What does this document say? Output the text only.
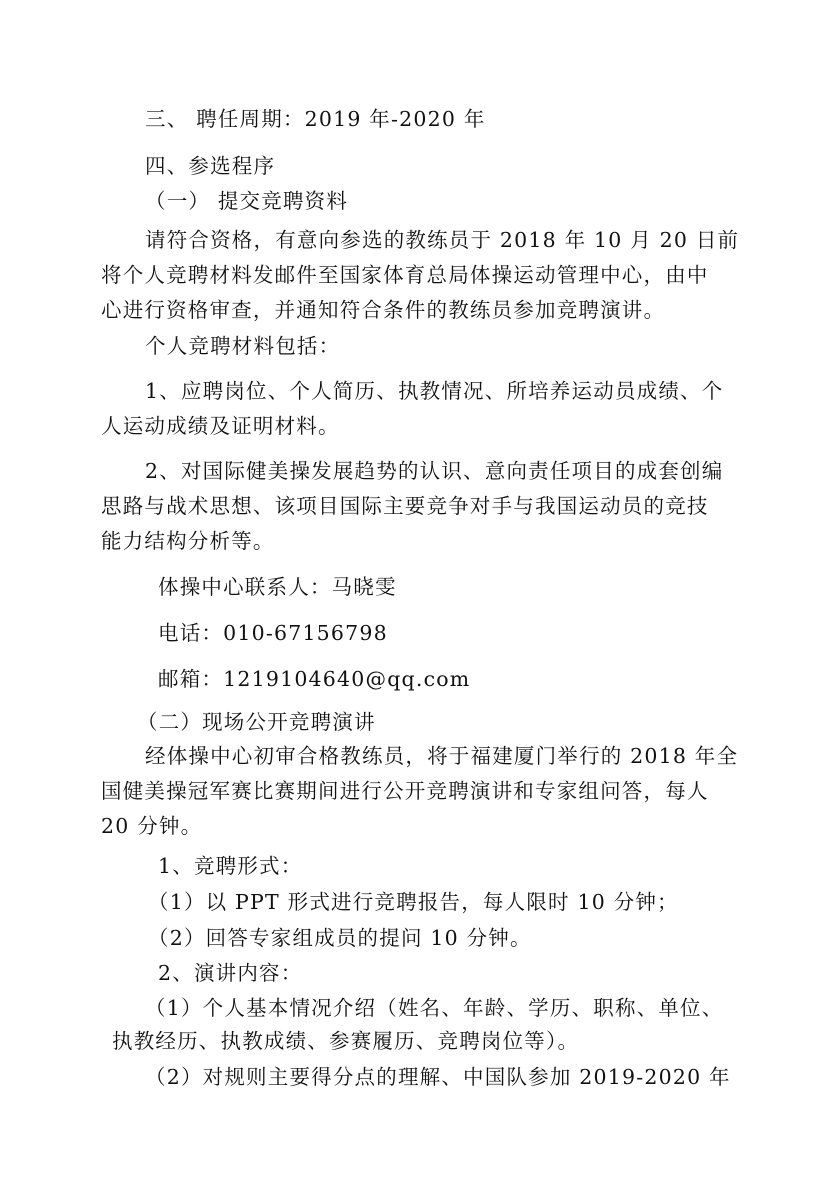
三、 聘任周期：2019 年-2020 年
四、参选程序
（一） 提交竞聘资料
请符合资格，有意向参选的教练员于 2018 年 10 月 20 日前
将个人竞聘材料发邮件至国家体育总局体操运动管理中心，由中
心进行资格审查，并通知符合条件的教练员参加竞聘演讲。
个人竞聘材料包括：
1、应聘岗位、个人简历、执教情况、所培养运动员成绩、个
人运动成绩及证明材料。
2、对国际健美操发展趋势的认识、意向责任项目的成套创编
思路与战术思想、该项目国际主要竞争对手与我国运动员的竞技
能力结构分析等。
体操中心联系人：马晓雯
电话：010-67156798
邮箱：1219104640@qq.com
（二）现场公开竞聘演讲
经体操中心初审合格教练员，将于福建厦门举行的 2018 年全
国健美操冠军赛比赛期间进行公开竞聘演讲和专家组问答，每人
20 分钟。
1、竞聘形式：
（1）以 PPT 形式进行竞聘报告，每人限时 10 分钟；
（2）回答专家组成员的提问 10 分钟。
2、演讲内容：
（1）个人基本情况介绍（姓名、年龄、学历、职称、单位、
执教经历、执教成绩、参赛履历、竞聘岗位等）。
（2）对规则主要得分点的理解、中国队参加 2019-2020 年
